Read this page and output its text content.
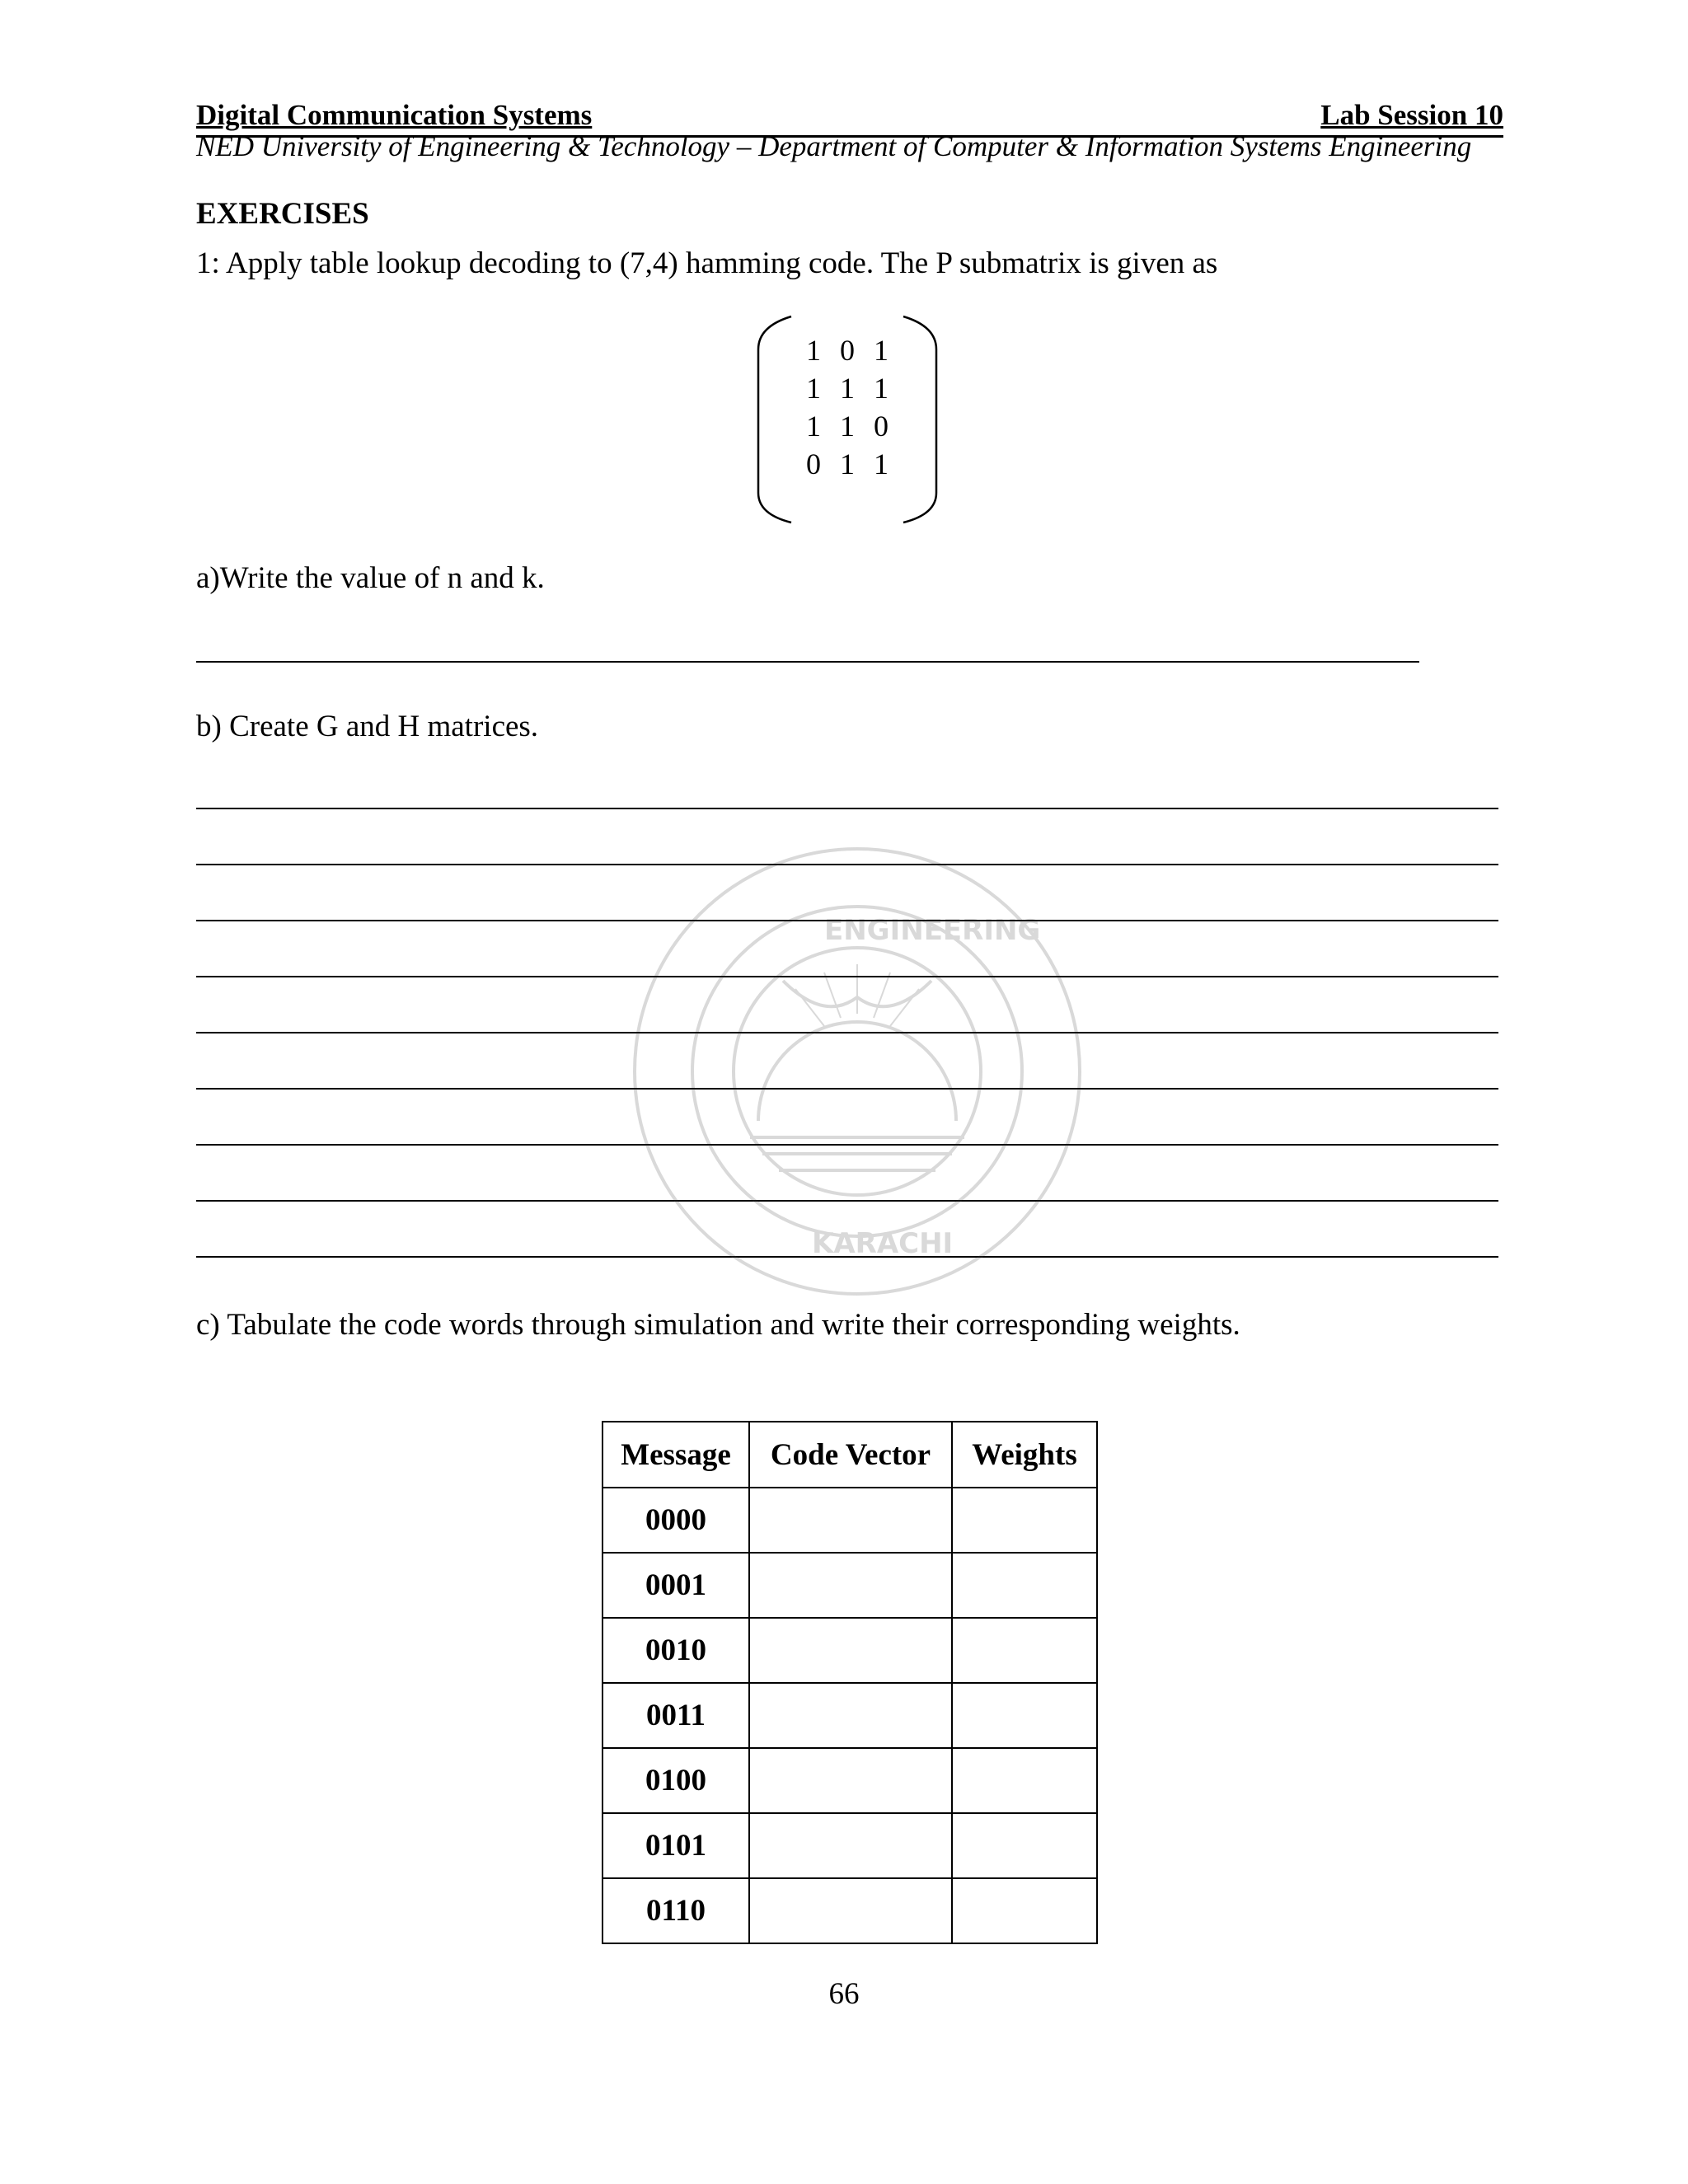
Digital Communication Systems	Lab Session 10
NED University of Engineering & Technology – Department of Computer & Information Systems Engineering
EXERCISES
1: Apply table lookup decoding to (7,4) hamming code. The P submatrix is given as
1 0 1
1 1 1
1 1 0
0 1 1
a)Write the value of n and k.
b) Create G and H matrices.
ENGINEERING
KARACHI
c) Tabulate the code words through simulation and write their corresponding weights.
Message	Code Vector	Weights
0000		
0001		
0010		
0011		
0100		
0101		
0110		
66
